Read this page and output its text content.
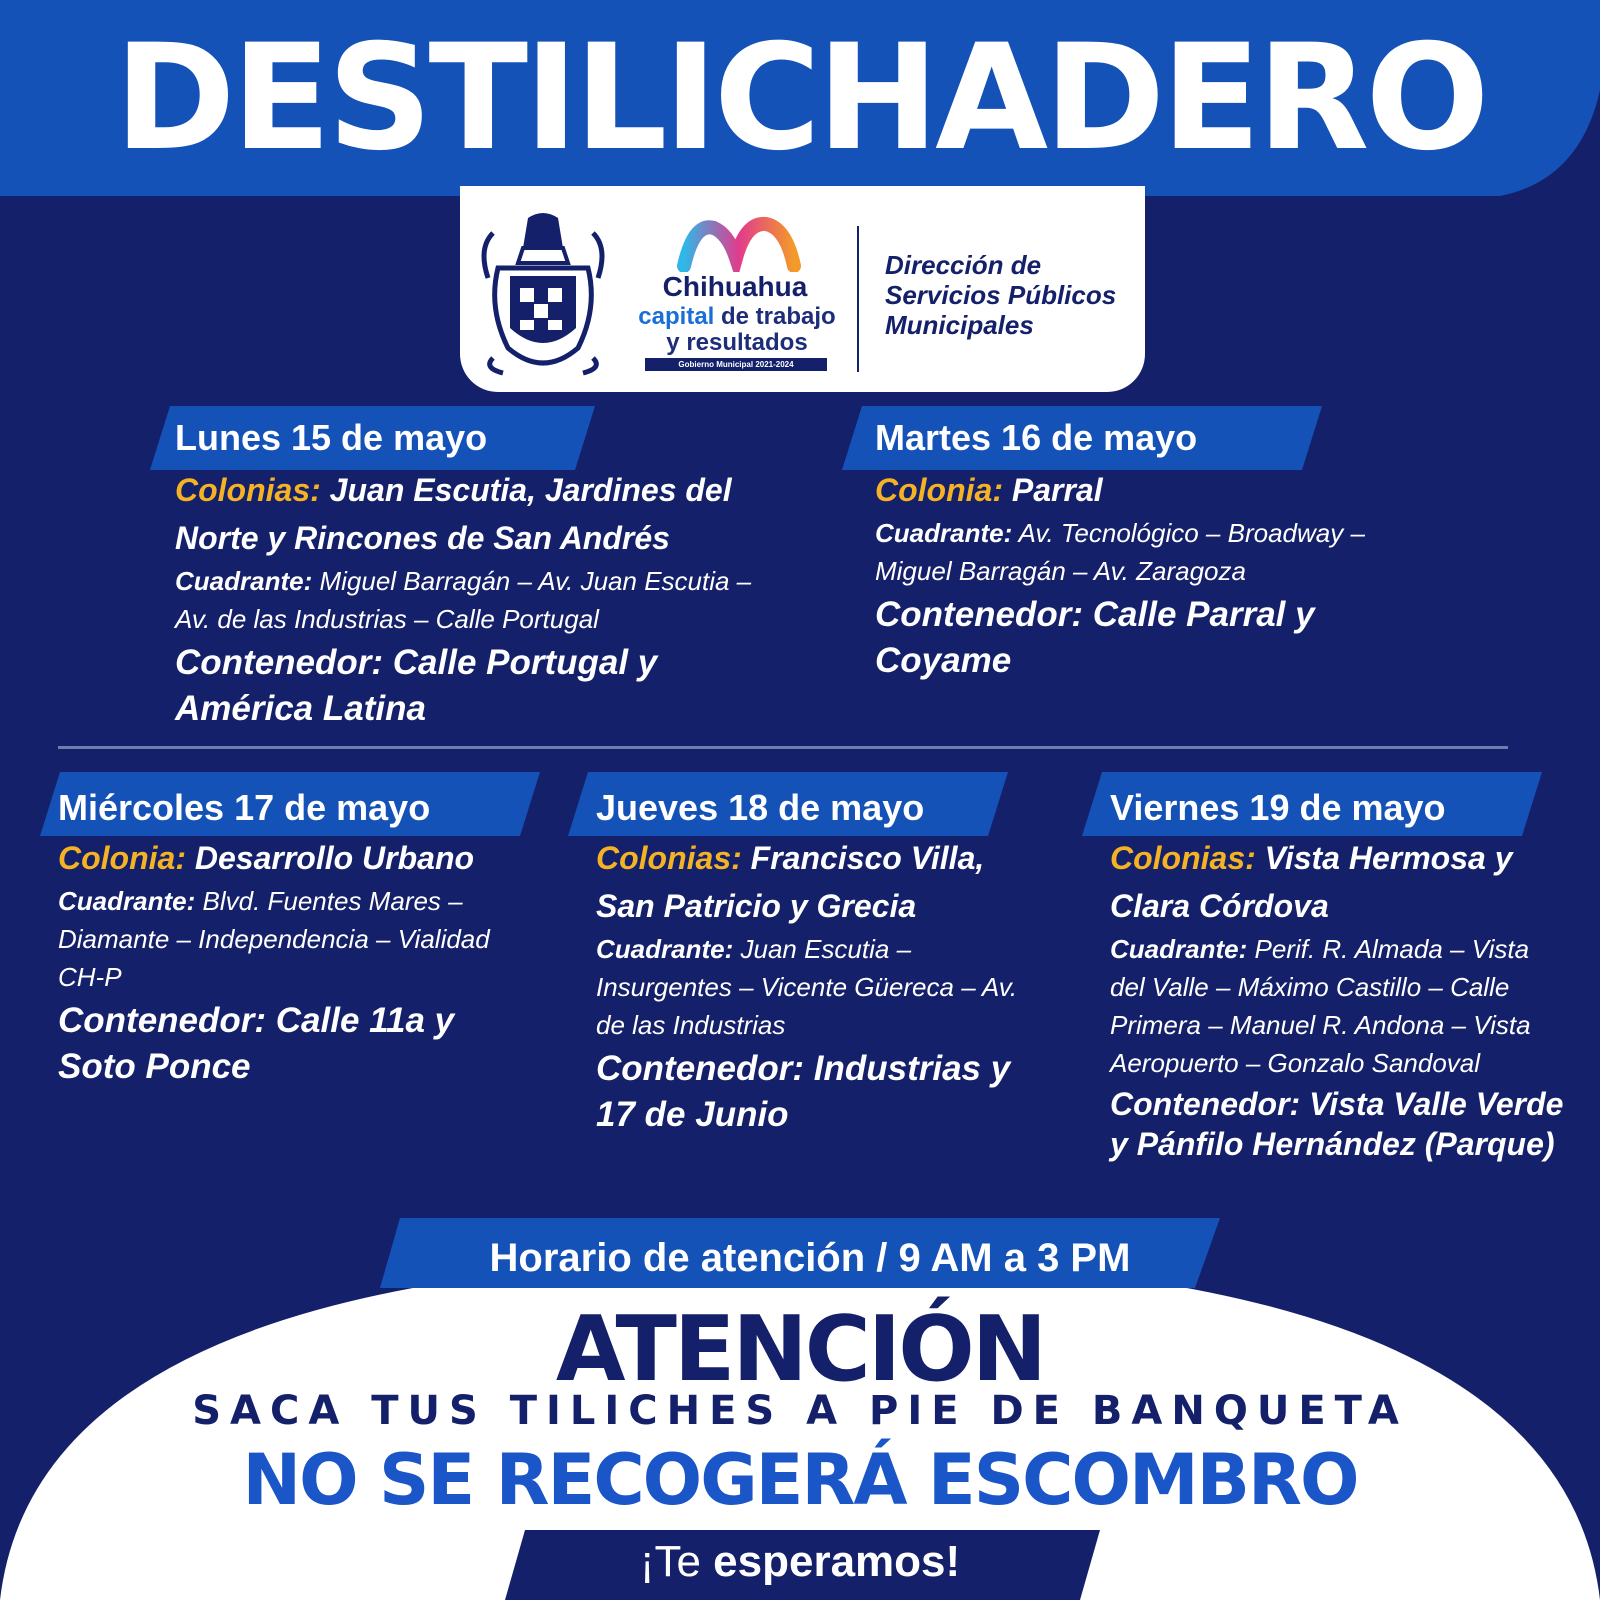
DESTILICHADERO
Chihuahua
capital de trabajo
y resultados
Gobierno Municipal 2021-2024
Dirección de
Servicios Públicos
Municipales
Lunes 15 de mayo
Colonias: Juan Escutia, Jardines del Norte y Rincones de San Andrés
Cuadrante: Miguel Barragán – Av. Juan Escutia – Av. de las Industrias – Calle Portugal
Contenedor: Calle Portugal y América Latina
Martes 16 de mayo
Colonia: Parral
Cuadrante: Av. Tecnológico – Broadway – Miguel Barragán – Av. Zaragoza
Contenedor: Calle Parral y Coyame
Miércoles 17 de mayo
Colonia: Desarrollo Urbano
Cuadrante: Blvd. Fuentes Mares – Diamante – Independencia – Vialidad CH-P
Contenedor: Calle 11a y Soto Ponce
Jueves 18 de mayo
Colonias: Francisco Villa, San Patricio y Grecia
Cuadrante: Juan Escutia – Insurgentes – Vicente Güereca – Av. de las Industrias
Contenedor: Industrias y 17 de Junio
Viernes 19 de mayo
Colonias: Vista Hermosa y Clara Córdova
Cuadrante: Perif. R. Almada – Vista del Valle – Máximo Castillo – Calle Primera – Manuel R. Andona – Vista Aeropuerto – Gonzalo Sandoval
Contenedor: Vista Valle Verde y Pánfilo Hernández (Parque)
Horario de atención / 9 AM a 3 PM
ATENCIÓN
SACA TUS TILICHES A PIE DE BANQUETA
NO SE RECOGERÁ ESCOMBRO
¡Te esperamos!
